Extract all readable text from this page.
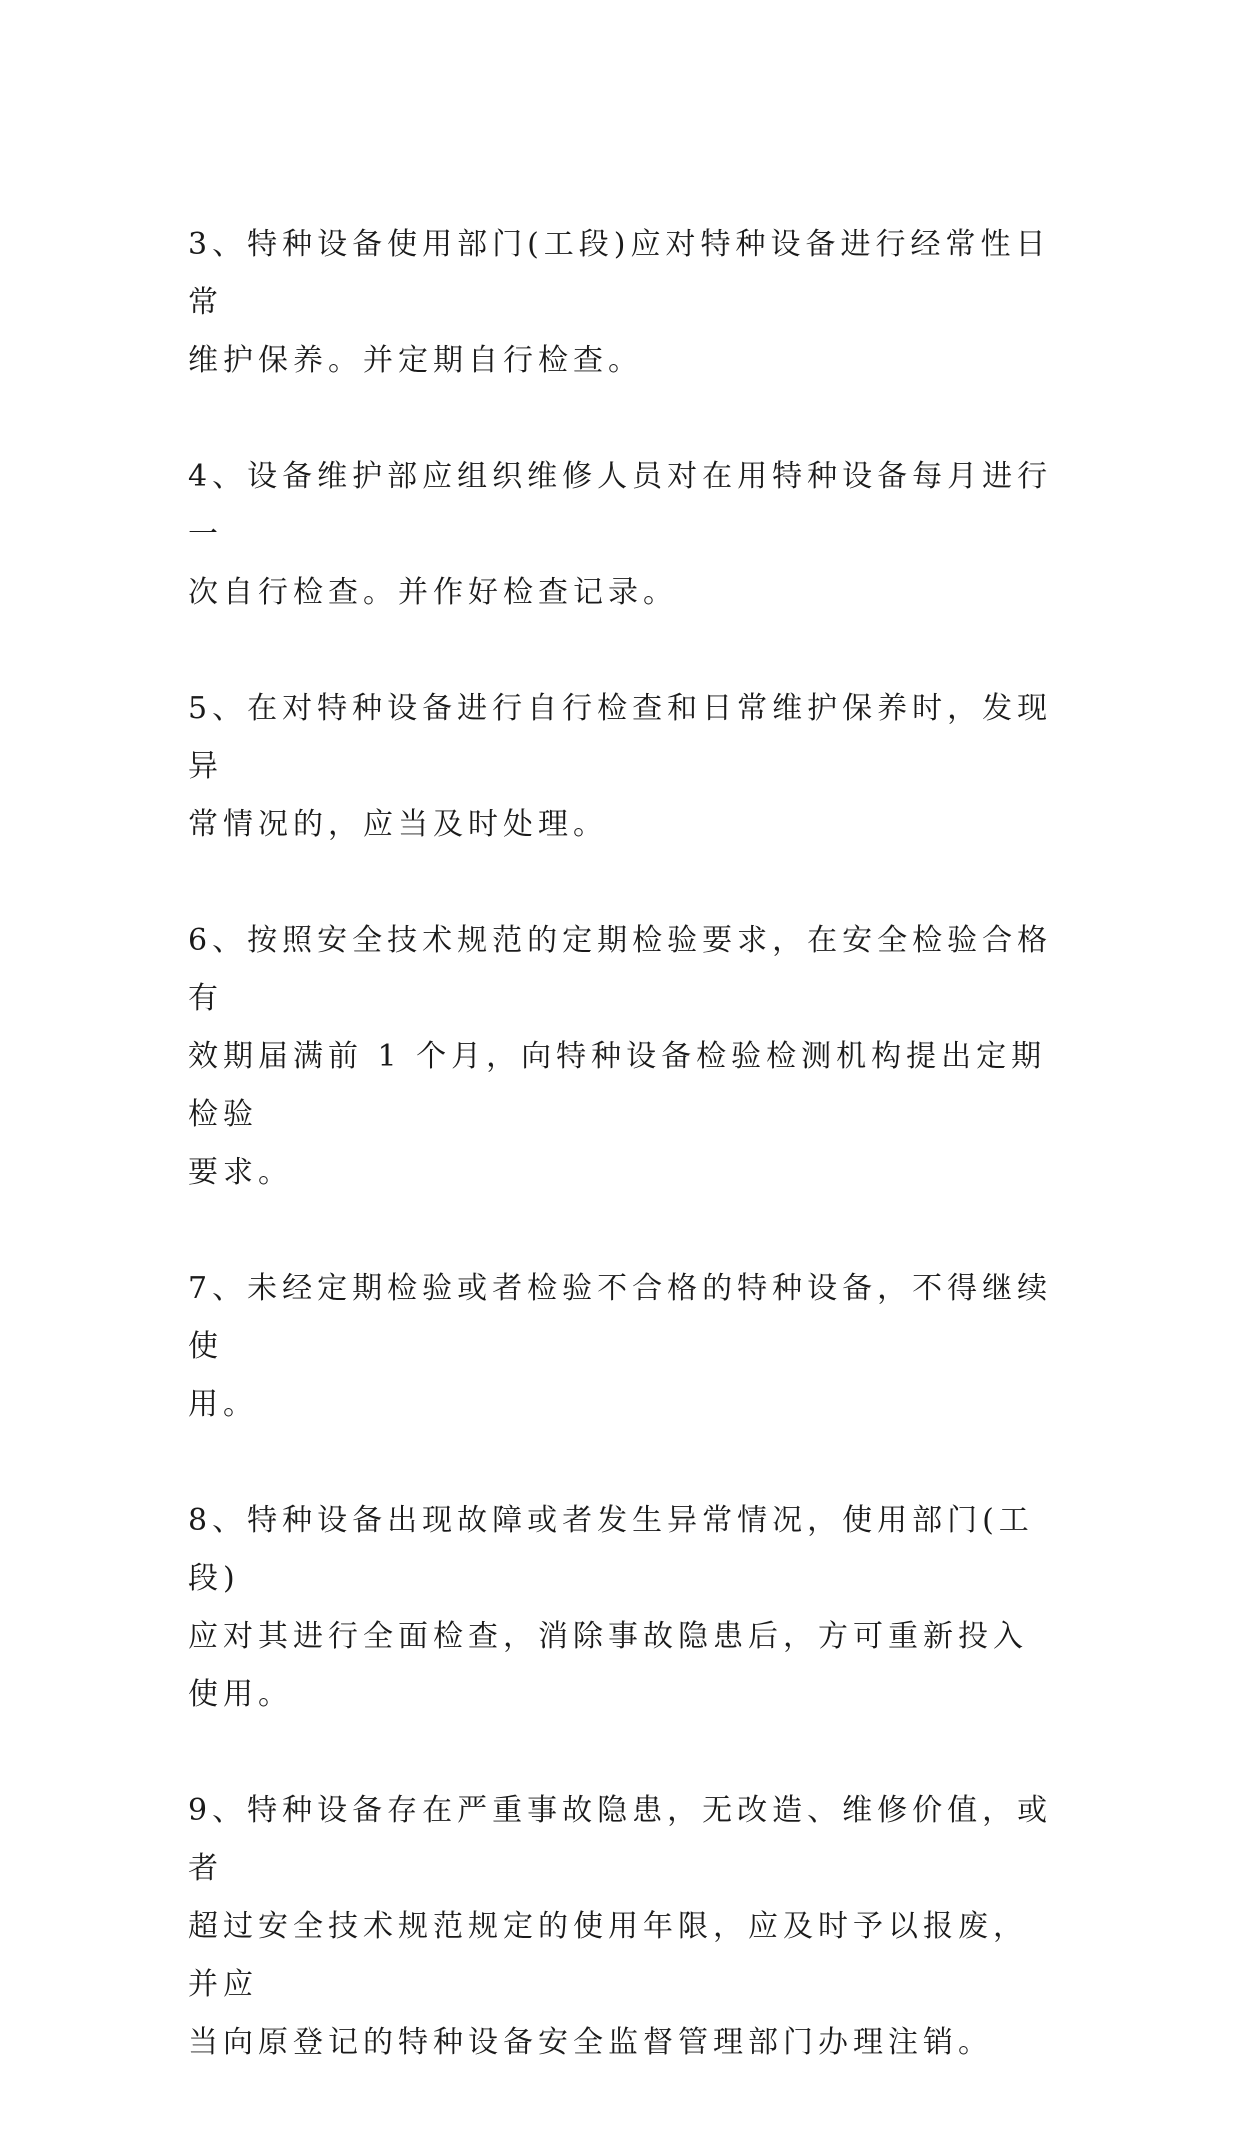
3、特种设备使用部门(工段)应对特种设备进行经常性日常
维护保养。并定期自行检查。

4、设备维护部应组织维修人员对在用特种设备每月进行一
次自行检查。并作好检查记录。

5、在对特种设备进行自行检查和日常维护保养时，发现异
常情况的，应当及时处理。

6、按照安全技术规范的定期检验要求，在安全检验合格有
效期届满前 1 个月，向特种设备检验检测机构提出定期检验
要求。

7、未经定期检验或者检验不合格的特种设备，不得继续使
用。

8、特种设备出现故障或者发生异常情况，使用部门(工段)
应对其进行全面检查，消除事故隐患后，方可重新投入使用。

9、特种设备存在严重事故隐患，无改造、维修价值，或者
超过安全技术规范规定的使用年限，应及时予以报废，并应
当向原登记的特种设备安全监督管理部门办理注销。
